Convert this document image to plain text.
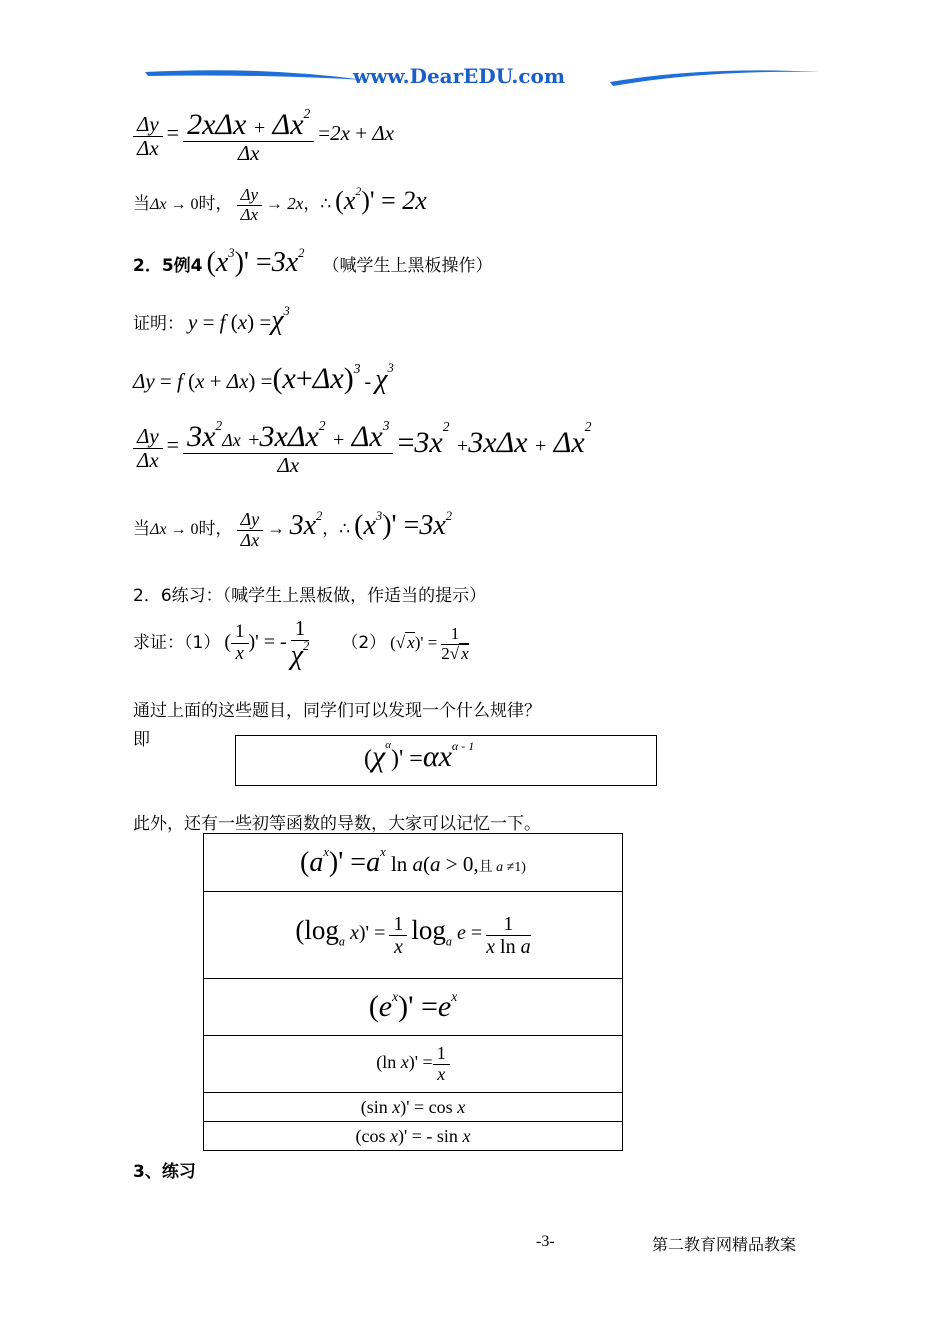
www.DearEDU.com
$\frac{\Delta y}{\Delta x} = \frac{2x\Delta x + \Delta x^2}{\Delta x} =2x + \Delta x$
当Δx → 0时， $\frac{\Delta y}{\Delta x} \to 2x$，∴ $(x^2)' = 2x$
2．5例4 $(x^3)' =3x^2$ （喊学生上黑板操作）
证明： y = f $(x) =\chi^3$
Δy = f $(x + \Delta x) =(x+\Delta x)^3 - \chi^3$
$\frac{\Delta y}{\Delta x} = \frac{3x^2\Delta x +3x\Delta x^2 + \Delta x^3}{\Delta x} =3x^2 +3x\Delta x + \Delta x^2$
当Δx → 0时， $\frac{\Delta y}{\Delta x} \to 3x^2$，∴ $(x^3)' =3x^2$
2．6练习：（喊学生上黑板做，作适当的提示）
求证：（1） ( $\frac{1}{x}$ )' = - $\frac{1}{\chi^2} (2)$ (√ $x)' = \frac{1}{2√ x}$
通过上面的这些题目，同学们可以发现一个什么规律？
即
$(\chi^\alpha)' =\alpha x^{\alpha - 1}$
此外，还有一些初等函数的导数，大家可以记忆一下。
$(a^x)' =a^x$ ln a(a > 0,且 a ≠1)
($\log_a$ $x)' = \frac{1}{x} \log_a e = \frac{1}{\text{x ln a}}$

$(e^x)' =e^x$
(ln $x)' = \frac{1}{x}$

(sin x)' = cos x
(cos x)' = - sin x
3、练习
-3-	第二教育网精品教案
